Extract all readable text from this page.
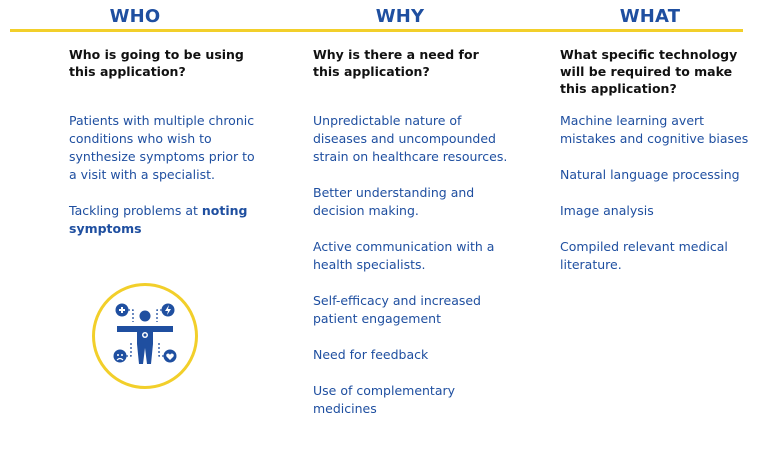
WHO	WHY	WHAT

Who is going to be using this application?

Patients with multiple chronic conditions who wish to synthesize symptoms prior to a visit with a specialist.
Tackling problems at noting symptoms

Why is there a need for this application?

Unpredictable nature of diseases and uncompounded strain on healthcare resources.
Better understanding and decision making.
Active communication with a health specialists.
Self-efficacy and increased patient engagement
Need for feedback
Use of complementary medicines

What specific technology will be required to make this application?

Machine learning avert mistakes and cognitive biases
Natural language processing
Image analysis
Compiled relevant medical literature.
